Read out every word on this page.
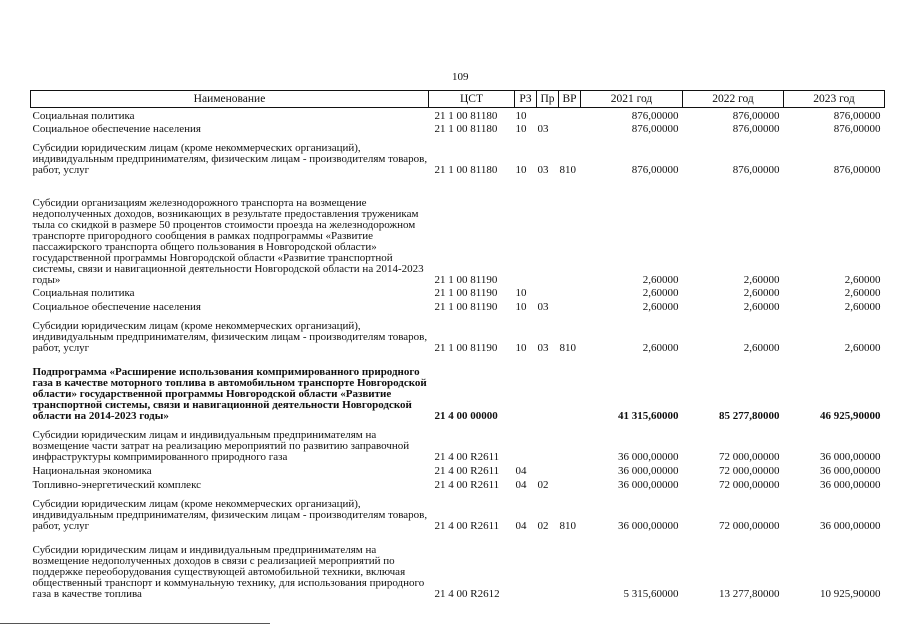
109
Наименование	ЦСТ	РЗ	Пр	ВР	2021 год	2022 год	2023 год
Социальная политика	21 1 00 81180	10			876,00000	876,00000	876,00000
Социальное обеспечение населения	21 1 00 81180	10	03		876,00000	876,00000	876,00000
Субсидии юридическим лицам (кроме некоммерческих организаций), индивидуальным предпринимателям, физическим лицам - производителям товаров, работ, услуг	21 1 00 81180	10	03	810	876,00000	876,00000	876,00000
Субсидии организациям железнодорожного транспорта на возмещение недополученных доходов, возникающих в результате предоставления труженикам тыла со скидкой в размере 50 процентов стоимости проезда на железнодорожном транспорте пригородного сообщения в рамках подпрограммы «Развитие пассажирского транспорта общего пользования в Новгородской области» государственной программы Новгородской области «Развитие транспортной системы, связи и навигационной деятельности Новгородской области на 2014-2023 годы»	21 1 00 81190				2,60000	2,60000	2,60000
Социальная политика	21 1 00 81190	10			2,60000	2,60000	2,60000
Социальное обеспечение населения	21 1 00 81190	10	03		2,60000	2,60000	2,60000
Субсидии юридическим лицам (кроме некоммерческих организаций), индивидуальным предпринимателям, физическим лицам - производителям товаров, работ, услуг	21 1 00 81190	10	03	810	2,60000	2,60000	2,60000
Подпрограмма «Расширение использования компримированного природного газа в качестве моторного топлива в автомобильном транспорте Новгородской области» государственной программы Новгородской области «Развитие транспортной системы, связи и навигационной деятельности Новгородской области на 2014-2023 годы»	21 4 00 00000				41 315,60000	85 277,80000	46 925,90000
Субсидии юридическим лицам и индивидуальным предпринимателям на возмещение части затрат на реализацию мероприятий по развитию заправочной инфраструктуры компримированного природного газа	21 4 00 R2611				36 000,00000	72 000,00000	36 000,00000
Национальная экономика	21 4 00 R2611	04			36 000,00000	72 000,00000	36 000,00000
Топливно-энергетический комплекс	21 4 00 R2611	04	02		36 000,00000	72 000,00000	36 000,00000
Субсидии юридическим лицам (кроме некоммерческих организаций), индивидуальным предпринимателям, физическим лицам - производителям товаров, работ, услуг	21 4 00 R2611	04	02	810	36 000,00000	72 000,00000	36 000,00000
Субсидии юридическим лицам и индивидуальным предпринимателям на возмещение недополученных доходов в связи с реализацией мероприятий по поддержке переоборудования существующей автомобильной техники, включая общественный транспорт и коммунальную технику, для использования природного газа в качестве топлива	21 4 00 R2612				5 315,60000	13 277,80000	10 925,90000
